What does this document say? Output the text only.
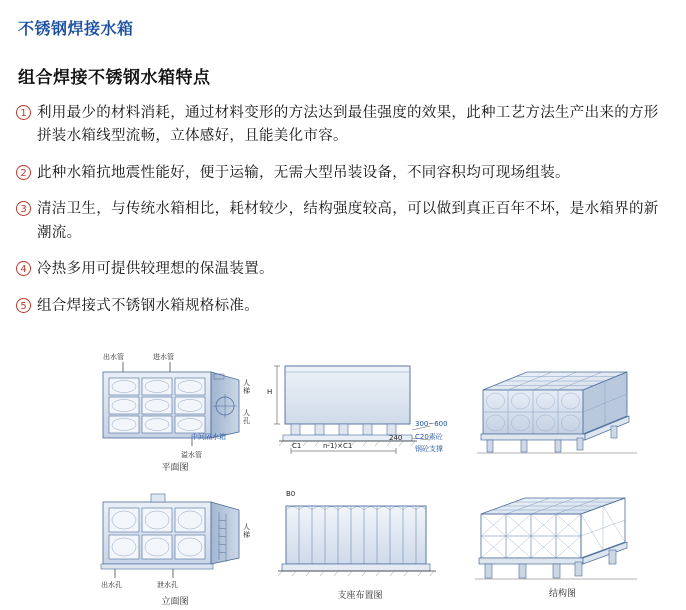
不锈钢焊接水箱
组合焊接不锈钢水箱特点
1 利用最少的材料消耗，通过材料变形的方法达到最佳强度的效果，此种工艺方法生产出来的方形拼装水箱线型流畅，立体感好，且能美化市容。
2 此种水箱抗地震性能好，便于运输，无需大型吊装设备，不同容积均可现场组装。
3 清洁卫生，与传统水箱相比，耗材较少，结构强度较高，可以做到真正百年不坏，是水箱界的新潮流。
4 冷热多用可提供较理想的保温装置。
5 组合焊接式不锈钢水箱规格标准。
出水管	进水管
人梯
人孔
中间隔水箱
溢水管
平面图
H
C1	n-1)×C1
240
300~600
C20素砼
钢砼支撑
人梯
出水孔	泄水孔
立面图
B0
支座布置图	结构图
